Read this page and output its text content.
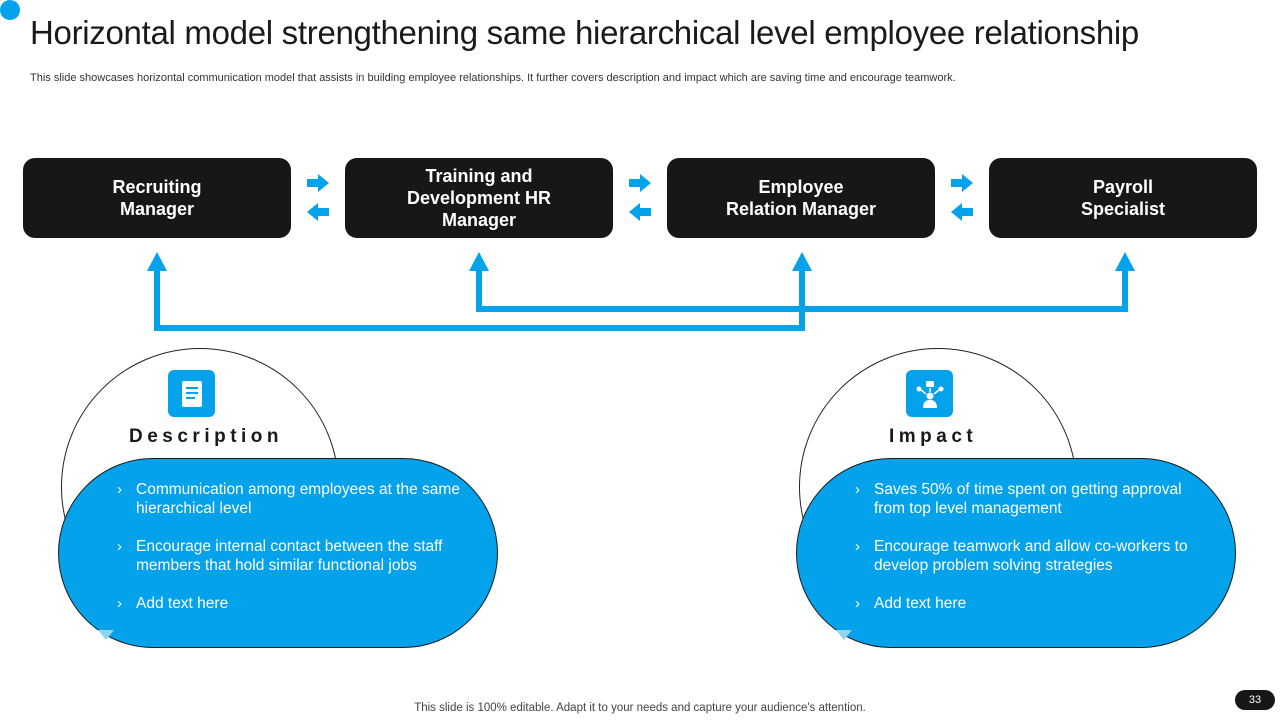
Horizontal model strengthening same hierarchical level employee relationship
This slide showcases horizontal communication model that assists in building employee relationships. It further covers description and impact which are saving time and encourage teamwork.
Recruiting
Manager
Training and
Development HR
Manager
Employee
Relation Manager
Payroll
Specialist
Description
› Communication among employees at the same hierarchical level
› Encourage internal contact between the staff members that hold similar functional jobs
› Add text here
Impact
› Saves 50% of time spent on getting approval from top level management
› Encourage teamwork and allow co-workers to develop problem solving strategies
› Add text here
This slide is 100% editable. Adapt it to your needs and capture your audience's attention.
33
